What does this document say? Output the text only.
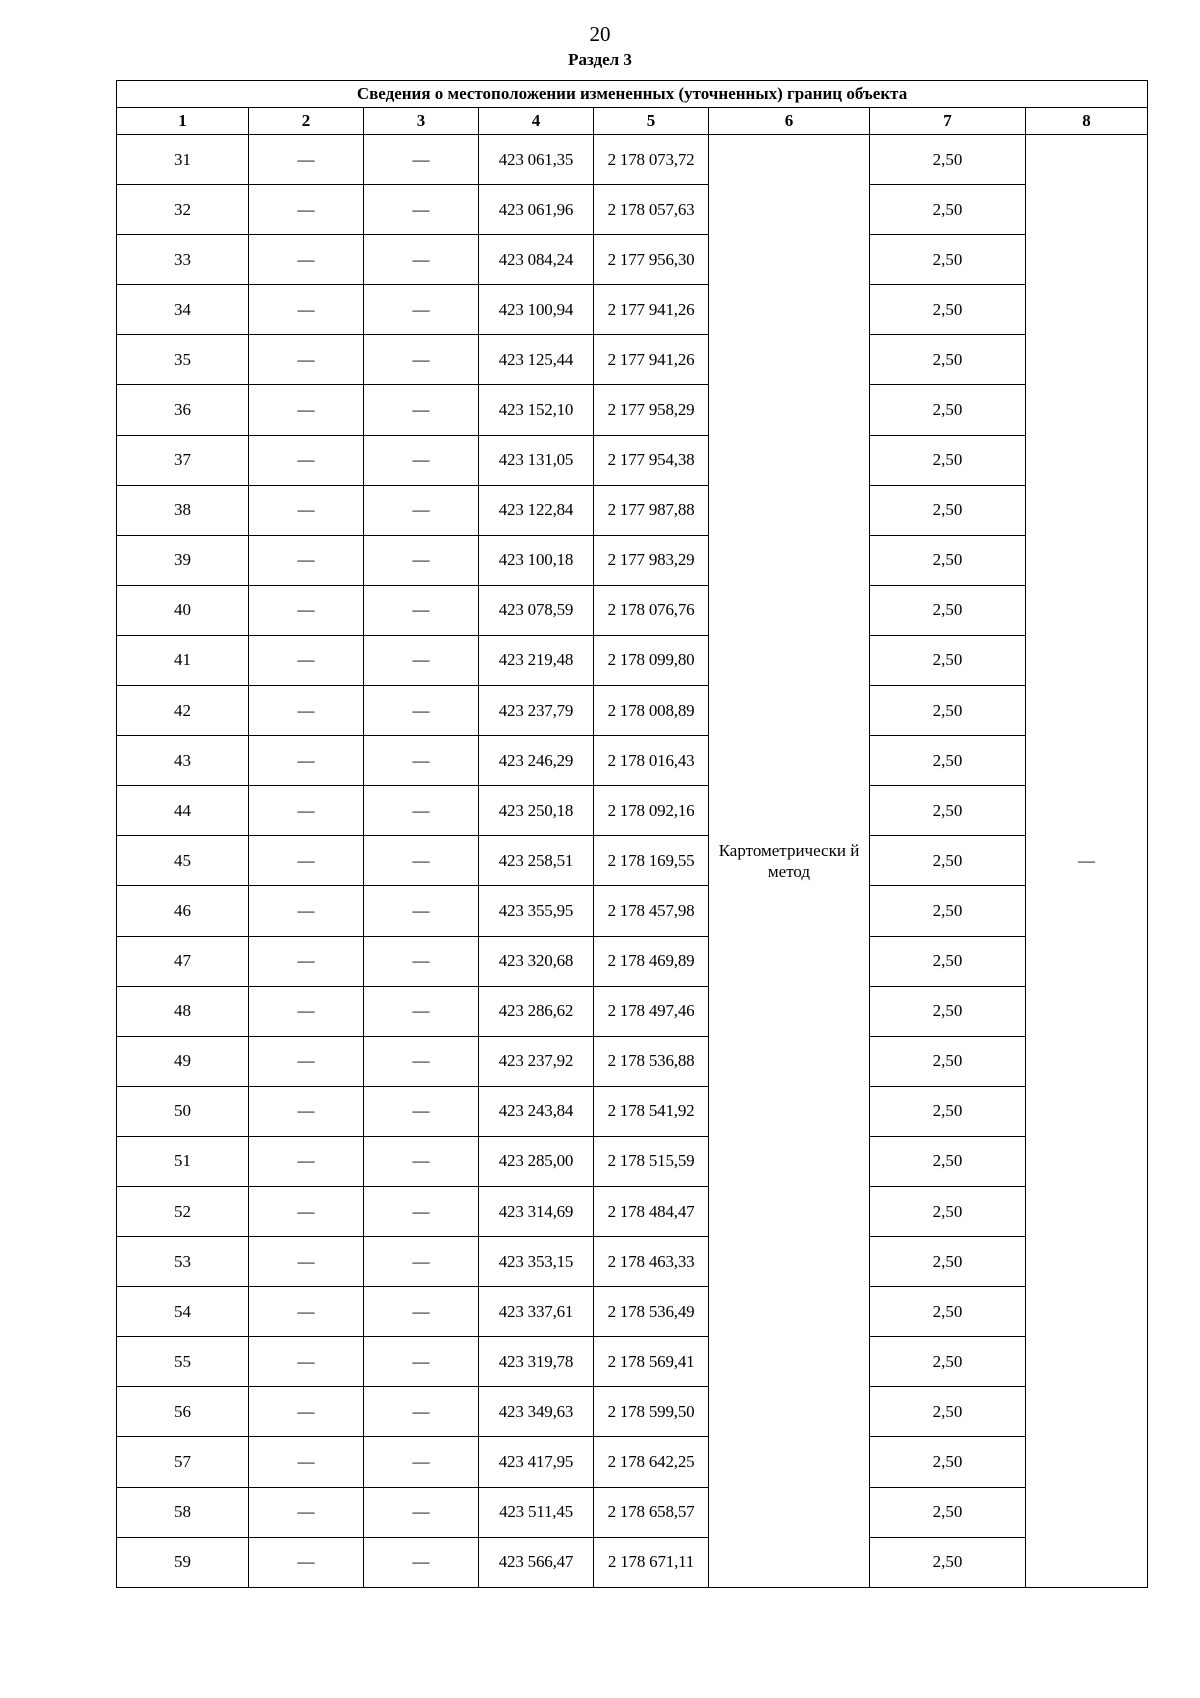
20
Раздел 3
Сведения о местоположении измененных (уточненных) границ объекта							
1	2	3	4	5	6	7	8
31	—	—	423 061,35	2 178 073,72	Картометрически й метод	2,50	—
32	—	—	423 061,96	2 178 057,63		2,50	
33	—	—	423 084,24	2 177 956,30		2,50	
34	—	—	423 100,94	2 177 941,26		2,50	
35	—	—	423 125,44	2 177 941,26		2,50	
36	—	—	423 152,10	2 177 958,29		2,50	
37	—	—	423 131,05	2 177 954,38		2,50	
38	—	—	423 122,84	2 177 987,88		2,50	
39	—	—	423 100,18	2 177 983,29		2,50	
40	—	—	423 078,59	2 178 076,76		2,50	
41	—	—	423 219,48	2 178 099,80		2,50	
42	—	—	423 237,79	2 178 008,89		2,50	
43	—	—	423 246,29	2 178 016,43		2,50	
44	—	—	423 250,18	2 178 092,16		2,50	
45	—	—	423 258,51	2 178 169,55		2,50	
46	—	—	423 355,95	2 178 457,98		2,50	
47	—	—	423 320,68	2 178 469,89		2,50	
48	—	—	423 286,62	2 178 497,46		2,50	
49	—	—	423 237,92	2 178 536,88		2,50	
50	—	—	423 243,84	2 178 541,92		2,50	
51	—	—	423 285,00	2 178 515,59		2,50	
52	—	—	423 314,69	2 178 484,47		2,50	
53	—	—	423 353,15	2 178 463,33		2,50	
54	—	—	423 337,61	2 178 536,49		2,50	
55	—	—	423 319,78	2 178 569,41		2,50	
56	—	—	423 349,63	2 178 599,50		2,50	
57	—	—	423 417,95	2 178 642,25		2,50	
58	—	—	423 511,45	2 178 658,57		2,50	
59	—	—	423 566,47	2 178 671,11		2,50	
